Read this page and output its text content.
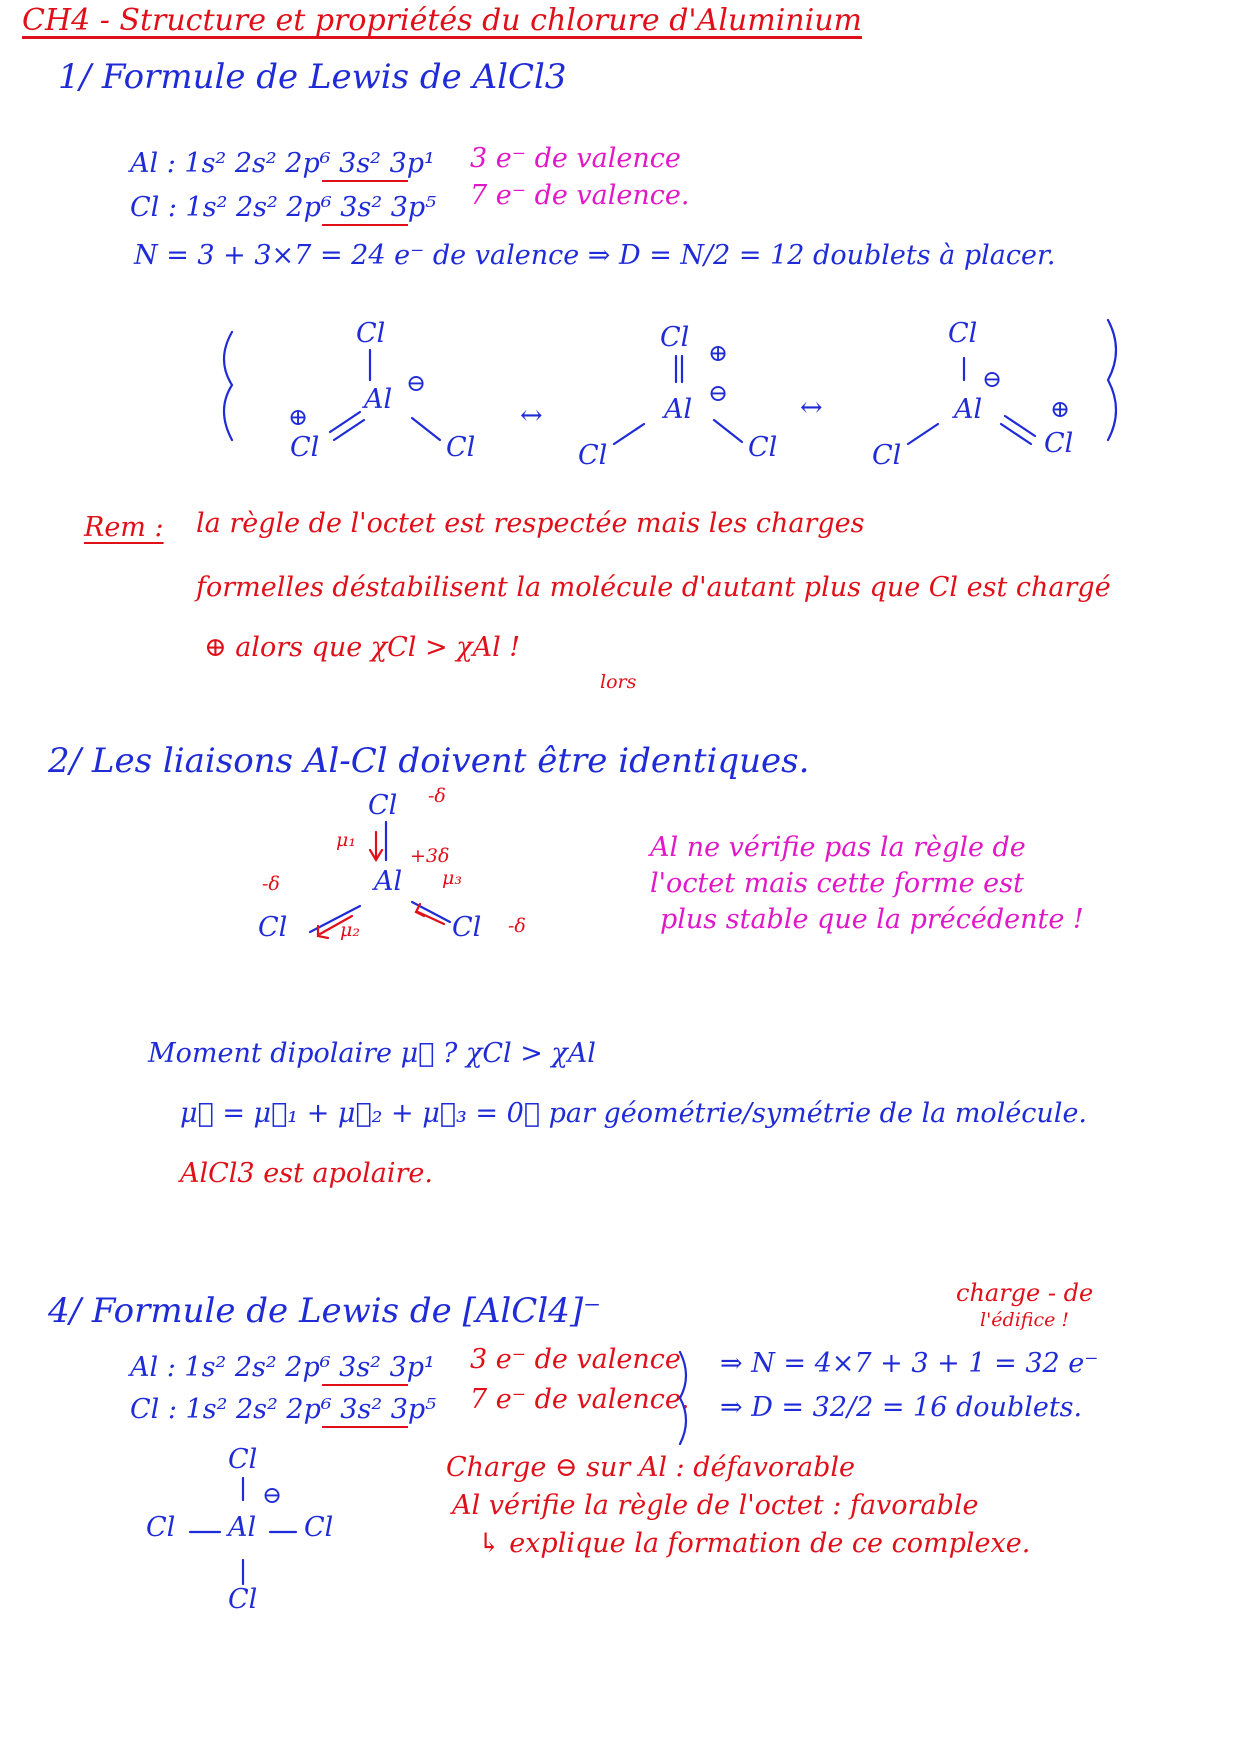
CH4 - Structure et propriétés du chlorure d'Aluminium
1/ Formule de Lewis de AlCl3
Al : 1s² 2s² 2p⁶ 3s² 3p¹ 3 e⁻ de valence
Cl : 1s² 2s² 2p⁶ 3s² 3p⁵ 7 e⁻ de valence.
N = 3 + 3×7 = 24 e⁻ de valence ⇒ D = N/2 = 12 doublets à placer.
Cl
Al
⊖
⊕
Cl	Cl
↔
Cl ⊕
Al
⊖
Cl	Cl
↔
Cl
⊖
Al
Cl
⊕
Cl
Rem : la règle de l'octet est respectée mais les charges
formelles déstabilisent la molécule d'autant plus que Cl est chargé
⊕ alors que χCl > χAl !
lors
2/ Les liaisons Al-Cl doivent être identiques.
Cl -δ
μ₁
+3δ
Al μ₃
-δ
Cl	μ₂	Cl -δ
Al ne vérifie pas la règle de
l'octet mais cette forme est
plus stable que la précédente !
Moment dipolaire μ⃗ ? χCl > χAl
μ⃗ = μ⃗₁ + μ⃗₂ + μ⃗₃ = 0⃗ par géométrie/symétrie de la molécule.
AlCl3 est apolaire.
4/ Formule de Lewis de [AlCl4]⁻	charge - de
l'édifice !
Al : 1s² 2s² 2p⁶ 3s² 3p¹ 3 e⁻ de valence
Cl : 1s² 2s² 2p⁶ 3s² 3p⁵ 7 e⁻ de valence.
⇒ N = 4×7 + 3 + 1 = 32 e⁻
⇒ D = 32/2 = 16 doublets.
Cl
⊖
Cl Al Cl
Cl
Charge ⊖ sur Al : défavorable
Al vérifie la règle de l'octet : favorable
↳ explique la formation de ce complexe.
